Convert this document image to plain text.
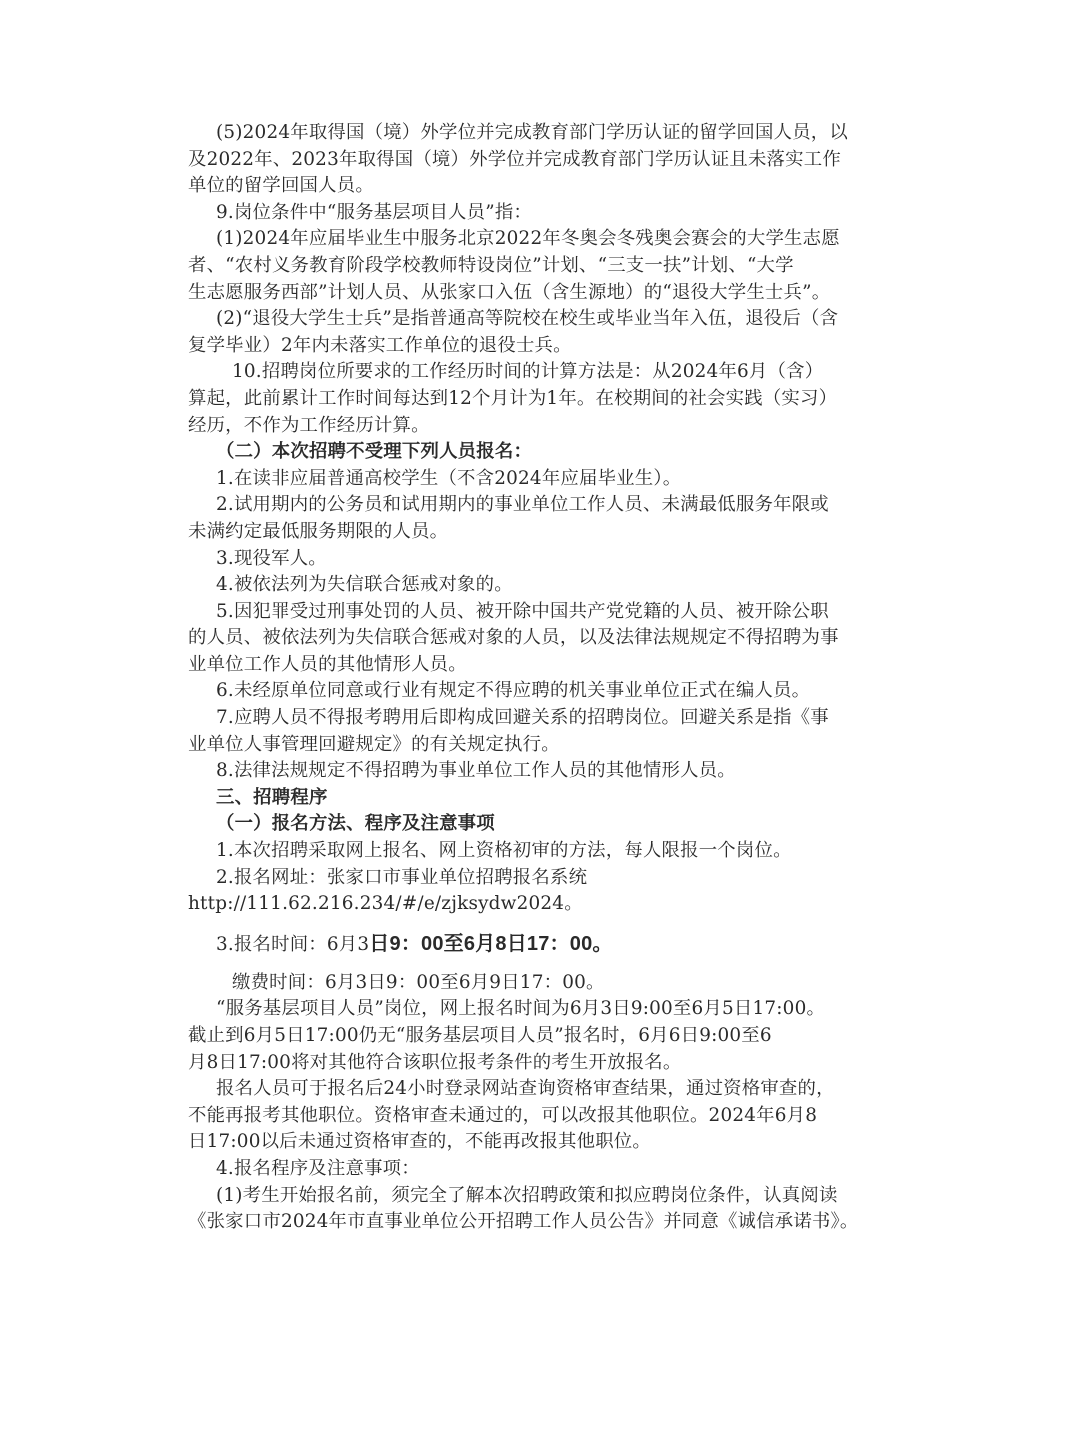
(5)2024年取得国（境）外学位并完成教育部门学历认证的留学回国人员，以
及2022年、2023年取得国（境）外学位并完成教育部门学历认证且未落实工作
单位的留学回国人员。
9.岗位条件中“服务基层项目人员”指：
(1)2024年应届毕业生中服务北京2022年冬奥会冬残奥会赛会的大学生志愿
者、“农村义务教育阶段学校教师特设岗位”计划、“三支一扶”计划、“大学
生志愿服务西部”计划人员、从张家口入伍（含生源地）的“退役大学生士兵”。
(2)“退役大学生士兵”是指普通高等院校在校生或毕业当年入伍，退役后（含
复学毕业）2年内未落实工作单位的退役士兵。
10.招聘岗位所要求的工作经历时间的计算方法是：从2024年6月（含）
算起，此前累计工作时间每达到12个月计为1年。在校期间的社会实践（实习）
经历，不作为工作经历计算。
（二）本次招聘不受理下列人员报名：
1.在读非应届普通高校学生（不含2024年应届毕业生）。
2.试用期内的公务员和试用期内的事业单位工作人员、未满最低服务年限或
未满约定最低服务期限的人员。
3.现役军人。
4.被依法列为失信联合惩戒对象的。
5.因犯罪受过刑事处罚的人员、被开除中国共产党党籍的人员、被开除公职
的人员、被依法列为失信联合惩戒对象的人员，以及法律法规规定不得招聘为事
业单位工作人员的其他情形人员。
6.未经原单位同意或行业有规定不得应聘的机关事业单位正式在编人员。
7.应聘人员不得报考聘用后即构成回避关系的招聘岗位。回避关系是指《事
业单位人事管理回避规定》的有关规定执行。
8.法律法规规定不得招聘为事业单位工作人员的其他情形人员。
三、招聘程序
（一）报名方法、程序及注意事项
1.本次招聘采取网上报名、网上资格初审的方法，每人限报一个岗位。
2.报名网址：张家口市事业单位招聘报名系统
http://111.62.216.234/#/e/zjksydw2024。
3.报名时间：6月3日9：00至6月8日17：00。
缴费时间：6月3日9：00至6月9日17：00。
“服务基层项目人员”岗位，网上报名时间为6月3日9:00至6月5日17:00。
截止到6月5日17:00仍无“服务基层项目人员”报名时，6月6日9:00至6
月8日17:00将对其他符合该职位报考条件的考生开放报名。
报名人员可于报名后24小时登录网站查询资格审查结果，通过资格审查的，
不能再报考其他职位。资格审查未通过的，可以改报其他职位。2024年6月8
日17:00以后未通过资格审查的，不能再改报其他职位。
4.报名程序及注意事项：
(1)考生开始报名前，须完全了解本次招聘政策和拟应聘岗位条件，认真阅读
《张家口市2024年市直事业单位公开招聘工作人员公告》并同意《诚信承诺书》。
